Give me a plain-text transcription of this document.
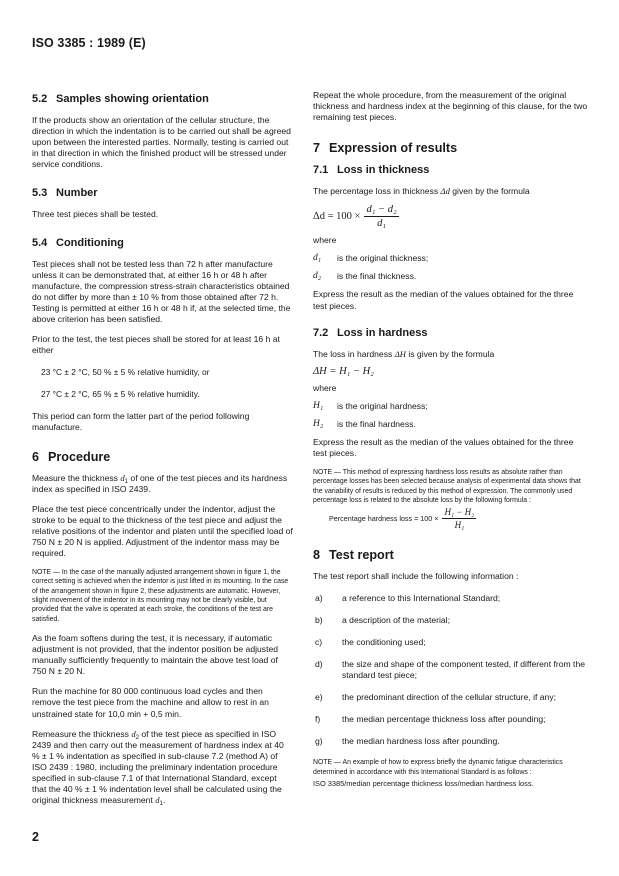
ISO 3385 : 1989 (E)
5.2 Samples showing orientation

If the products show an orientation of the cellular structure, the direction in which the indentation is to be carried out shall be agreed upon between the interested parties. Normally, testing is carried out in that direction in which the finished product will be stressed under service conditions.

5.3 Number

Three test pieces shall be tested.

5.4 Conditioning

Test pieces shall not be tested less than 72 h after manufacture unless it can be demonstrated that, at either 16 h or 48 h after manufacture, the compression stress-strain characteristics obtained do not differ by more than ± 10 % from those obtained after 72 h. Testing is permitted at either 16 h or 48 h if, at the selected time, the above criterion has been satisfied.

Prior to the test, the test pieces shall be stored for at least 16 h at either

23 °C ± 2 °C, 50 % ± 5 % relative humidity, or
27 °C ± 2 °C, 65 % ± 5 % relative humidity.

This period can form the latter part of the period following manufacture.

6 Procedure

Measure the thickness $d_1$ of one of the test pieces and its hardness index as specified in ISO 2439.

Place the test piece concentrically under the indentor, adjust the stroke to be equal to the thickness of the test piece and adjust the relative positions of the indentor and platen until the specified load of 750 N ± 20 N is applied. Adjustment of the indentor mass may be required.

NOTE — In the case of the manually adjusted arrangement shown in figure 1, the correct setting is achieved when the indentor is just lifted in its mounting. In the case of the arrangement shown in figure 2, these adjustments are automatic. However, slight movement of the indentor in its mounting may not be clearly visible, but provided that the valve is operated at each stroke, the conditions of the test are satisfied.

As the foam softens during the test, it is necessary, if automatic adjustment is not provided, that the indentor position be adjusted manually sufficiently frequently to maintain the above test load of 750 N ± 20 N.

Run the machine for 80 000 continuous load cycles and then remove the test piece from the machine and allow to rest in an unstrained state for 10,0 min + 0,5 min.

Remeasure the thickness $d_2$ of the test piece as specified in ISO 2439 and then carry out the measurement of hardness index at 40 % ± 1 % indentation as specified in sub-clause 7.2 (method A) of ISO 2439 : 1980, including the preliminary indentation procedure specified in sub-clause 7.1 of that International Standard, except that the 40 % ± 1 % indentation level shall be calculated using the original thickness measurement $d_1$.

Repeat the whole procedure, from the measurement of the original thickness and hardness index at the beginning of this clause, for the two remaining test pieces.

7 Expression of results
7.1 Loss in thickness

The percentage loss in thickness Δd given by the formula

$\Delta d = 100 \times \frac{\text{d₁ − d₂}}{\text{d₁}}$

where

d₁	is the original thickness;
d₂	is the final thickness.

Express the result as the median of the values obtained for the three test pieces.

7.2 Loss in hardness

The loss in hardness ΔH is given by the formula

ΔH = H₁ − H₂

where

H₁	is the original hardness;
H₂	is the final hardness.

Express the result as the median of the values obtained for the three test pieces.

NOTE — This method of expressing hardness loss results as absolute rather than percentage losses has been selected because analysis of experimental data shows that the variability of results is reduced by this method of expression. The commonly used percentage loss is related to the absolute loss by the following formula :

Percentage hardness loss = $100 \times \frac{\text{H₁ − H₂}}{\text{H₁}}$
8 Test report

The test report shall include the following information :

a)	a reference to this International Standard;
b)	a description of the material;
c)	the conditioning used;
d)	the size and shape of the component tested, if different from the standard test piece;
e)	the predominant direction of the cellular structure, if any;
f)	the median percentage thickness loss after pounding;
g)	the median hardness loss after pounding.

NOTE — An example of how to express briefly the dynamic fatigue characteristics determined in accordance with this International Standard is as follows :

ISO 3385/median percentage thickness loss/median hardness loss.

2
